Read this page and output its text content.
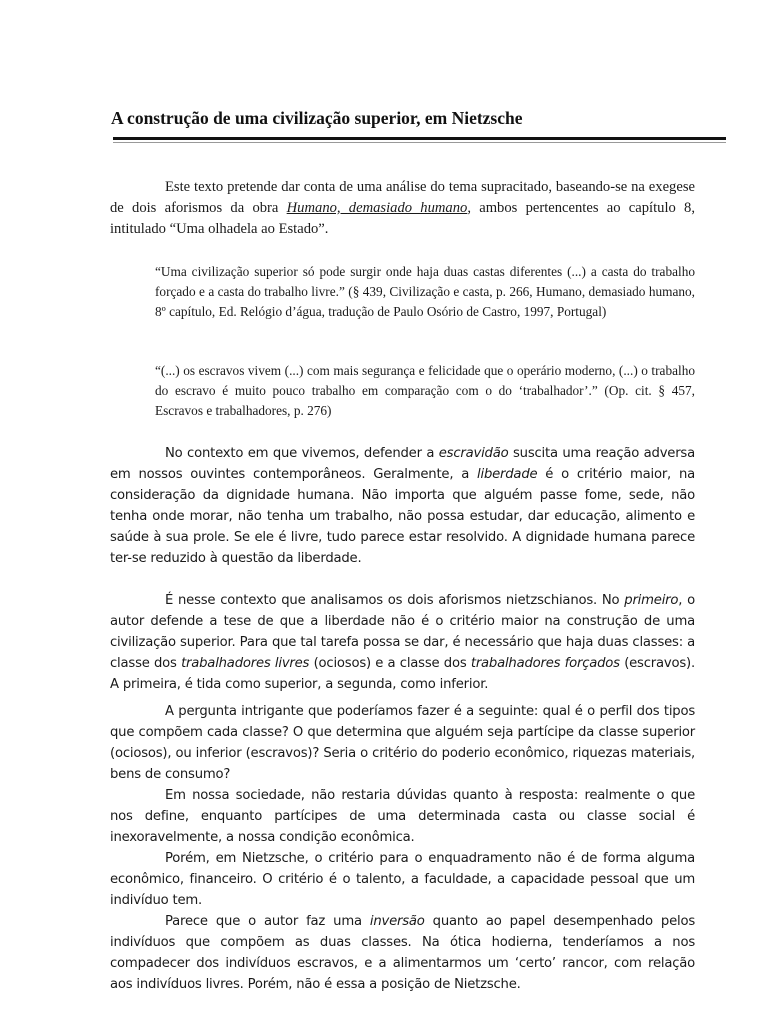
A construção de uma civilização superior, em Nietzsche

Este texto pretende dar conta de uma análise do tema supracitado, baseando-se na exegese de dois aforismos da obra Humano, demasiado humano, ambos pertencentes ao capítulo 8, intitulado “Uma olhadela ao Estado”.

“Uma civilização superior só pode surgir onde haja duas castas diferentes (...) a casta do trabalho forçado e a casta do trabalho livre.” (§ 439, Civilização e casta, p. 266, Humano, demasiado humano, 8º capítulo, Ed. Relógio d’água, tradução de Paulo Osório de Castro, 1997, Portugal)

“(...) os escravos vivem (...) com mais segurança e felicidade que o operário moderno, (...) o trabalho do escravo é muito pouco trabalho em comparação com o do ‘trabalhador’.” (Op. cit. § 457, Escravos e trabalhadores, p. 276)

No contexto em que vivemos, defender a escravidão suscita uma reação adversa em nossos ouvintes contemporâneos. Geralmente, a liberdade é o critério maior, na consideração da dignidade humana. Não importa que alguém passe fome, sede, não tenha onde morar, não tenha um trabalho, não possa estudar, dar educação, alimento e saúde à sua prole. Se ele é livre, tudo parece estar resolvido. A dignidade humana parece ter-se reduzido à questão da liberdade.

É nesse contexto que analisamos os dois aforismos nietzschianos. No primeiro, o autor defende a tese de que a liberdade não é o critério maior na construção de uma civilização superior. Para que tal tarefa possa se dar, é necessário que haja duas classes: a classe dos trabalhadores livres (ociosos) e a classe dos trabalhadores forçados (escravos). A primeira, é tida como superior, a segunda, como inferior.

A pergunta intrigante que poderíamos fazer é a seguinte: qual é o perfil dos tipos que compõem cada classe? O que determina que alguém seja partícipe da classe superior (ociosos), ou inferior (escravos)? Seria o critério do poderio econômico, riquezas materiais, bens de consumo?

Em nossa sociedade, não restaria dúvidas quanto à resposta: realmente o que nos define, enquanto partícipes de uma determinada casta ou classe social é inexoravelmente, a nossa condição econômica.

Porém, em Nietzsche, o critério para o enquadramento não é de forma alguma econômico, financeiro. O critério é o talento, a faculdade, a capacidade pessoal que um indivíduo tem.

Parece que o autor faz uma inversão quanto ao papel desempenhado pelos indivíduos que compõem as duas classes. Na ótica hodierna, tenderíamos a nos compadecer dos indivíduos escravos, e a alimentarmos um ‘certo’ rancor, com relação aos indivíduos livres. Porém, não é essa a posição de Nietzsche.
